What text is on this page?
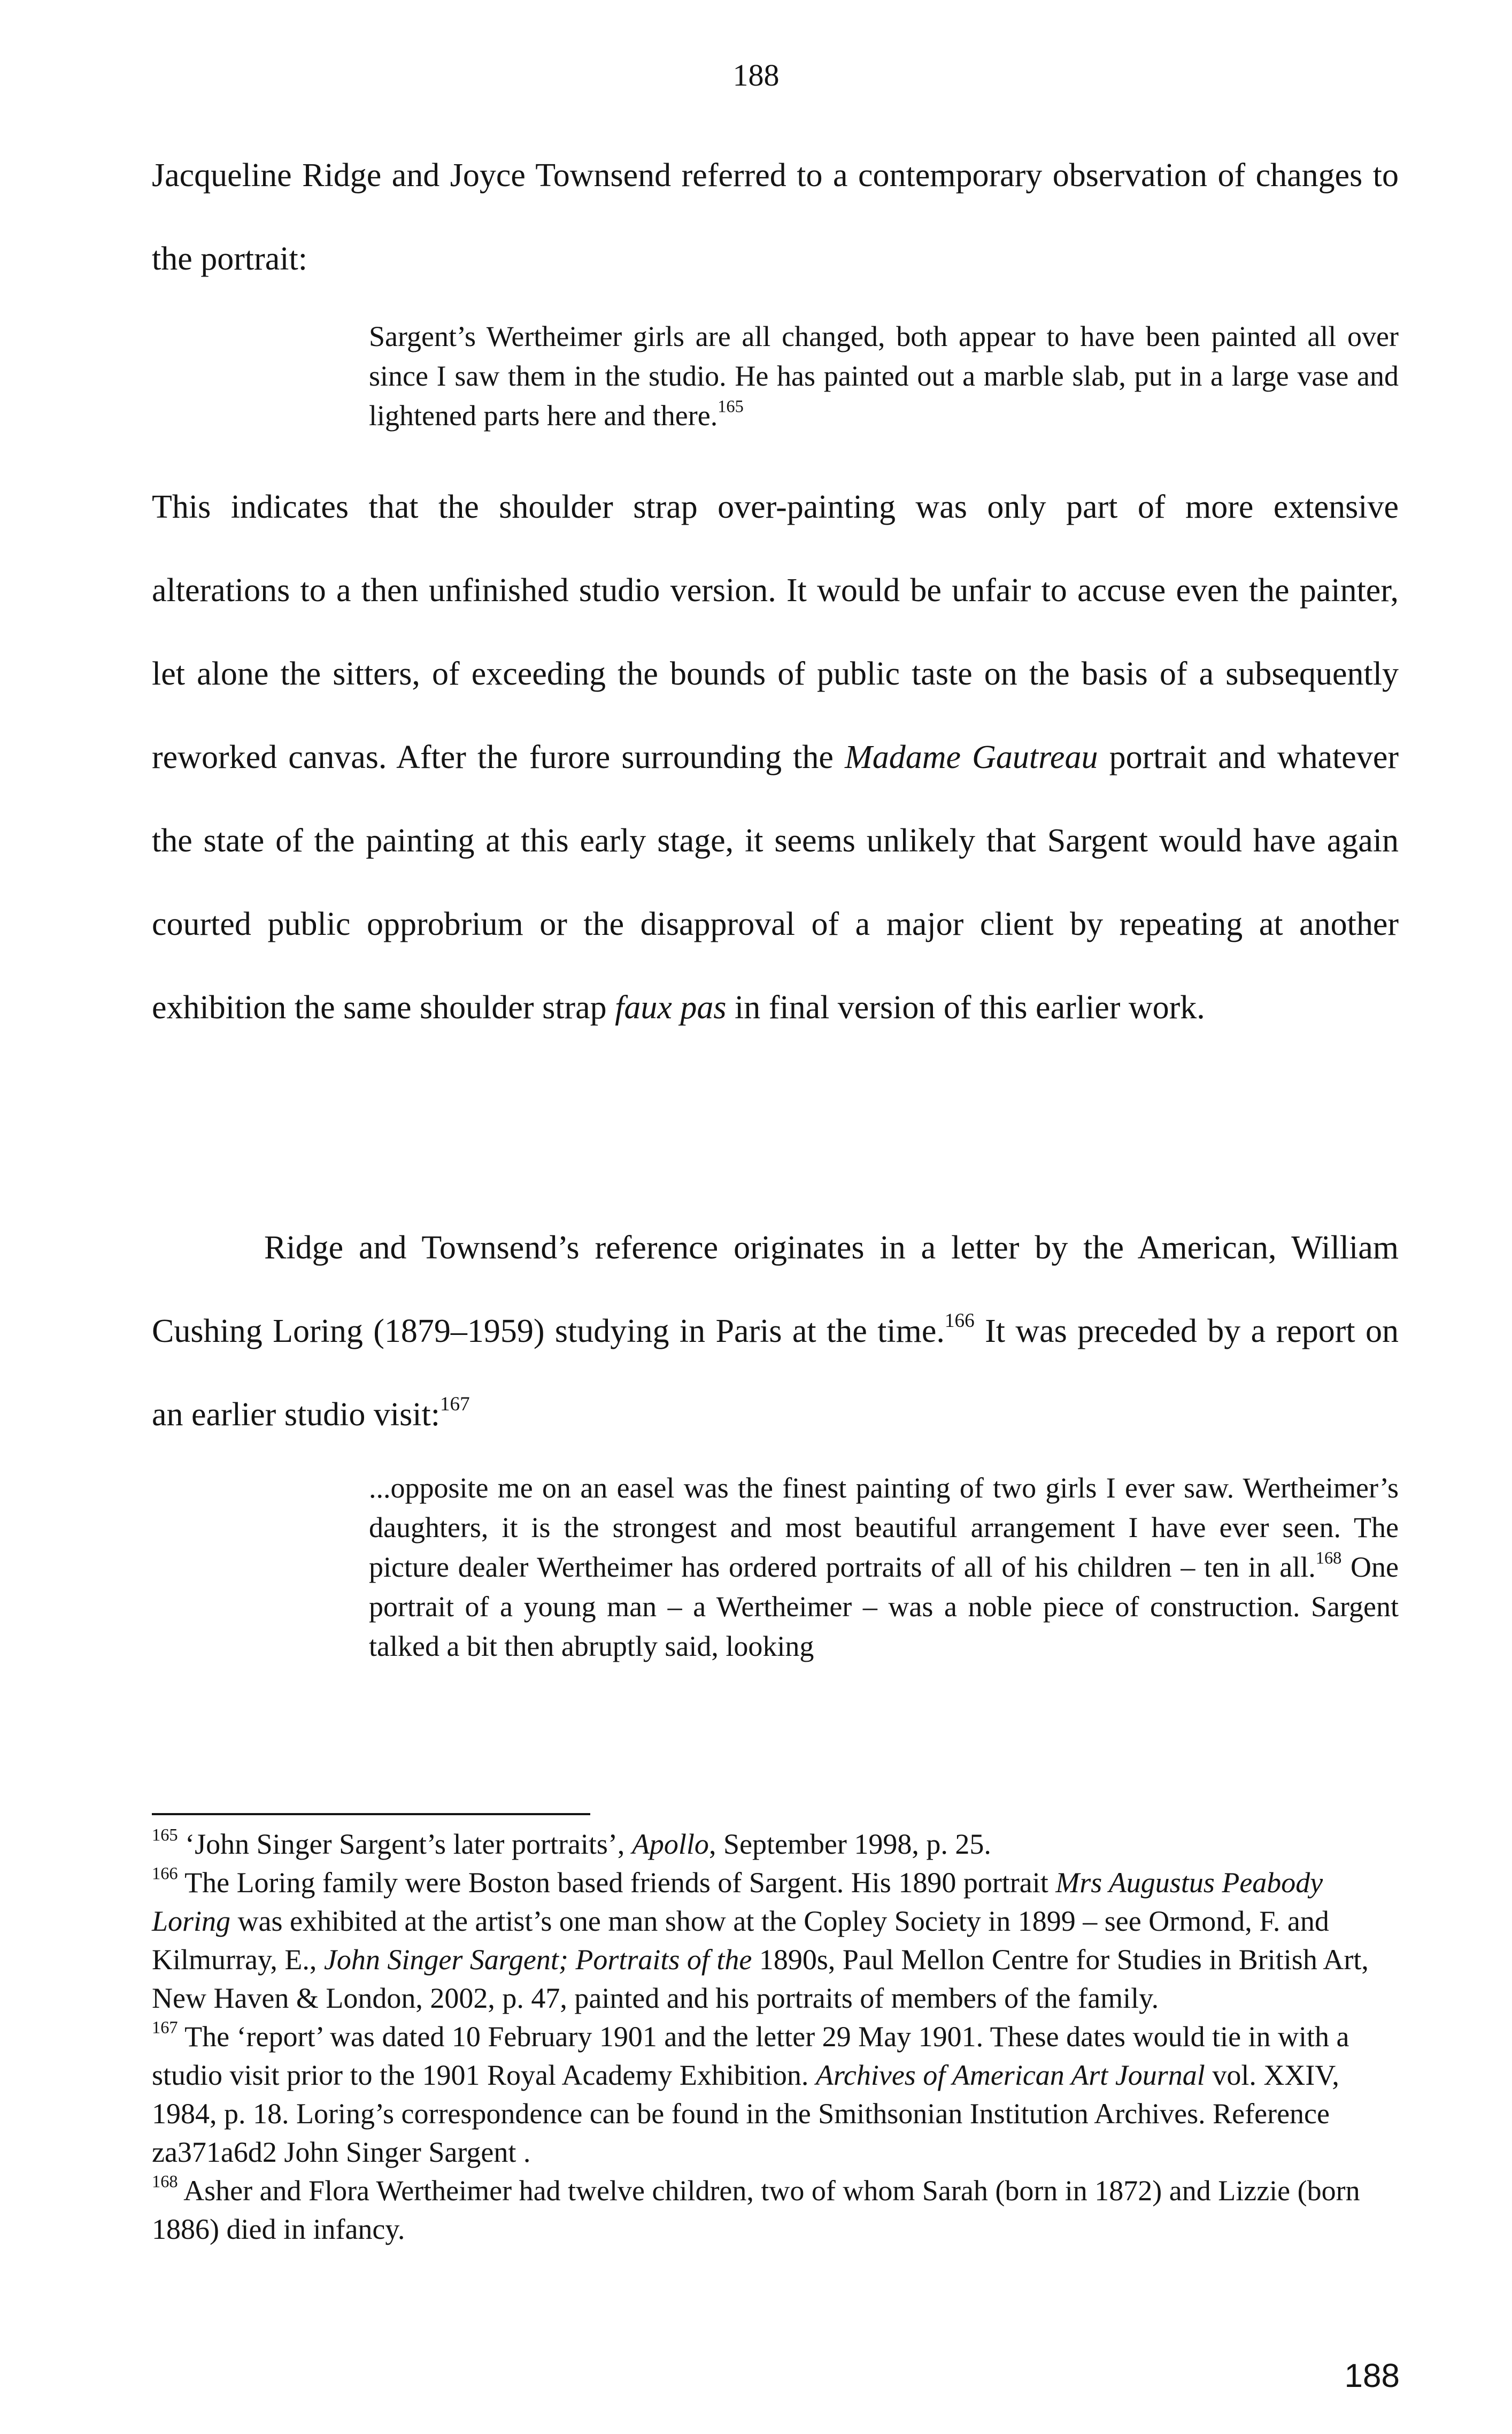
188
Jacqueline Ridge and Joyce Townsend referred to a contemporary observation of changes to the portrait:
Sargent’s Wertheimer girls are all changed, both appear to have been painted all over since I saw them in the studio. He has painted out a marble slab, put in a large vase and lightened parts here and there.$^{165}$
This indicates that the shoulder strap over-painting was only part of more extensive alterations to a then unfinished studio version. It would be unfair to accuse even the painter, let alone the sitters, of exceeding the bounds of public taste on the basis of a subsequently reworked canvas. After the furore surrounding the Madame Gautreau portrait and whatever the state of the painting at this early stage, it seems unlikely that Sargent would have again courted public opprobrium or the disapproval of a major client by repeating at another exhibition the same shoulder strap faux pas in final version of this earlier work.
Ridge and Townsend’s reference originates in a letter by the American, William Cushing Loring (1879–1959) studying in Paris at the time.$^{166}$ It was preceded by a report on an earlier studio visit:$^{167}$
...opposite me on an easel was the finest painting of two girls I ever saw. Wertheimer’s daughters, it is the strongest and most beautiful arrangement I have ever seen. The picture dealer Wertheimer has ordered portraits of all of his children – ten in all.$^{168}$ One portrait of a young man – a Wertheimer – was a noble piece of construction. Sargent talked a bit then abruptly said, looking

$^{165}$ ‘John Singer Sargent’s later portraits’, Apollo, September 1998, p. 25.

$^{166}$ The Loring family were Boston based friends of Sargent. His 1890 portrait Mrs Augustus Peabody Loring was exhibited at the artist’s one man show at the Copley Society in 1899 – see Ormond, F. and Kilmurray, E., John Singer Sargent; Portraits of the 1890s, Paul Mellon Centre for Studies in British Art, New Haven & London, 2002, p. 47, painted and his portraits of members of the family.

$^{167}$ The ‘report’ was dated 10 February 1901 and the letter 29 May 1901. These dates would tie in with a studio visit prior to the 1901 Royal Academy Exhibition. Archives of American Art Journal vol. XXIV, 1984, p. 18. Loring’s correspondence can be found in the Smithsonian Institution Archives. Reference za371a6d2 John Singer Sargent .

$^{168}$ Asher and Flora Wertheimer had twelve children, two of whom Sarah (born in 1872) and Lizzie (born 1886) died in infancy.

188
